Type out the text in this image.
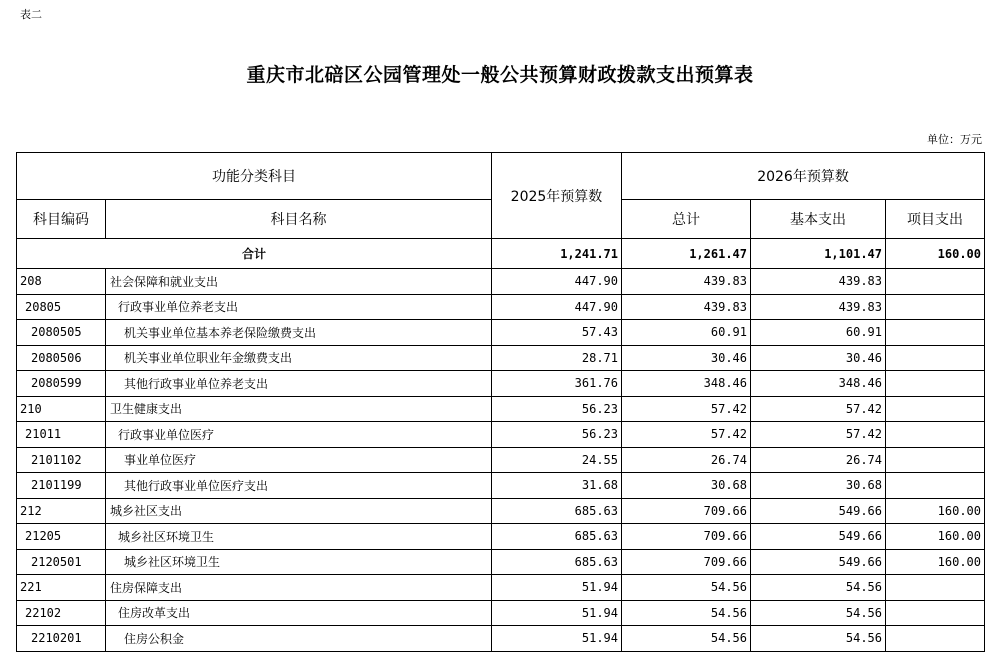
表二
重庆市北碚区公园管理处一般公共预算财政拨款支出预算表
单位：万元
功能分类科目		2025年预算数	2026年预算数		
科目编码	科目名称		总计	基本支出	项目支出
合计		1,241.71	1,261.47	1,101.47	160.00
208	社会保障和就业支出	447.90	439.83	439.83	
20805	行政事业单位养老支出	447.90	439.83	439.83	
2080505	机关事业单位基本养老保险缴费支出	57.43	60.91	60.91	
2080506	机关事业单位职业年金缴费支出	28.71	30.46	30.46	
2080599	其他行政事业单位养老支出	361.76	348.46	348.46	
210	卫生健康支出	56.23	57.42	57.42	
21011	行政事业单位医疗	56.23	57.42	57.42	
2101102	事业单位医疗	24.55	26.74	26.74	
2101199	其他行政事业单位医疗支出	31.68	30.68	30.68	
212	城乡社区支出	685.63	709.66	549.66	160.00
21205	城乡社区环境卫生	685.63	709.66	549.66	160.00
2120501	城乡社区环境卫生	685.63	709.66	549.66	160.00
221	住房保障支出	51.94	54.56	54.56	
22102	住房改革支出	51.94	54.56	54.56	
2210201	住房公积金	51.94	54.56	54.56	
